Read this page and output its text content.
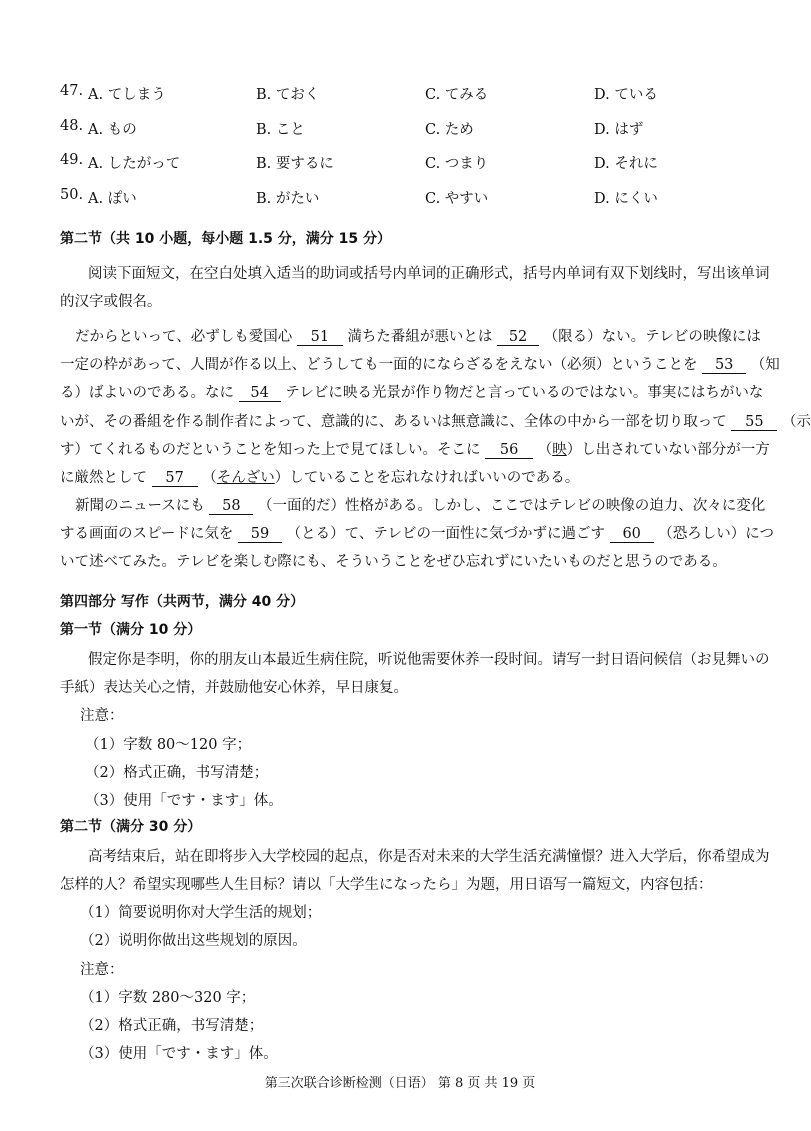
47. A. てしまう	B. ておく	C. てみる	D. ている
48. A. もの	B. こと	C. ため	D. はず
49. A. したがって	B. 要するに	C. つまり	D. それに
50. A. ぽい	B. がたい	C. やすい	D. にくい
第二节（共 10 小题，每小题 1.5 分，满分 15 分）
阅读下面短文，在空白处填入适当的助词或括号内单词的正确形式，括号内单词有双下划线时，写出该单词
的汉字或假名。
だからといって、必ずしも愛国心 51 満ちた番組が悪いとは 52 （限る）ない。テレビの映像には
一定の枠があって、人間が作る以上、どうしても一面的にならざるをえない（必须）ということを 53 （知
る）ばよいのである。なに 54 テレビに映る光景が作り物だと言っているのではない。事実にはちがいな
いが、その番組を作る制作者によって、意識的に、あるいは無意識に、全体の中から一部を切り取って 55 （示
す）てくれるものだということを知った上で見てほしい。そこに 56 （映）し出されていない部分が一方
に厳然として 57 （そんざい）していることを忘れなければいいのである。
新聞のニュースにも 58 （一面的だ）性格がある。しかし、ここではテレビの映像の迫力、次々に変化
する画面のスピードに気を 59 （とる）て、テレビの一面性に気づかずに過ごす 60 （恐ろしい）につ
いて述べてみた。テレビを楽しむ際にも、そういうことをぜひ忘れずにいたいものだと思うのである。
第四部分 写作（共两节，满分 40 分）
第一节（满分 10 分）
假定你是李明，你的朋友山本最近生病住院，听说他需要休养一段时间。请写一封日语问候信（お見舞いの
手紙）表达关心之情，并鼓励他安心休养，早日康复。
注意：
（1）字数 80～120 字；
（2）格式正确，书写清楚；
（3）使用「です・ます」体。
第二节（满分 30 分）
高考结束后，站在即将步入大学校园的起点，你是否对未来的大学生活充满憧憬？进入大学后，你希望成为
怎样的人？希望实现哪些人生目标？请以「大学生になったら」为题，用日语写一篇短文，内容包括：
（1）简要说明你对大学生活的规划；
（2）说明你做出这些规划的原因。
注意：
（1）字数 280～320 字；
（2）格式正确，书写清楚；
（3）使用「です・ます」体。
第三次联合诊断检测（日语） 第 8 页 共 19 页
